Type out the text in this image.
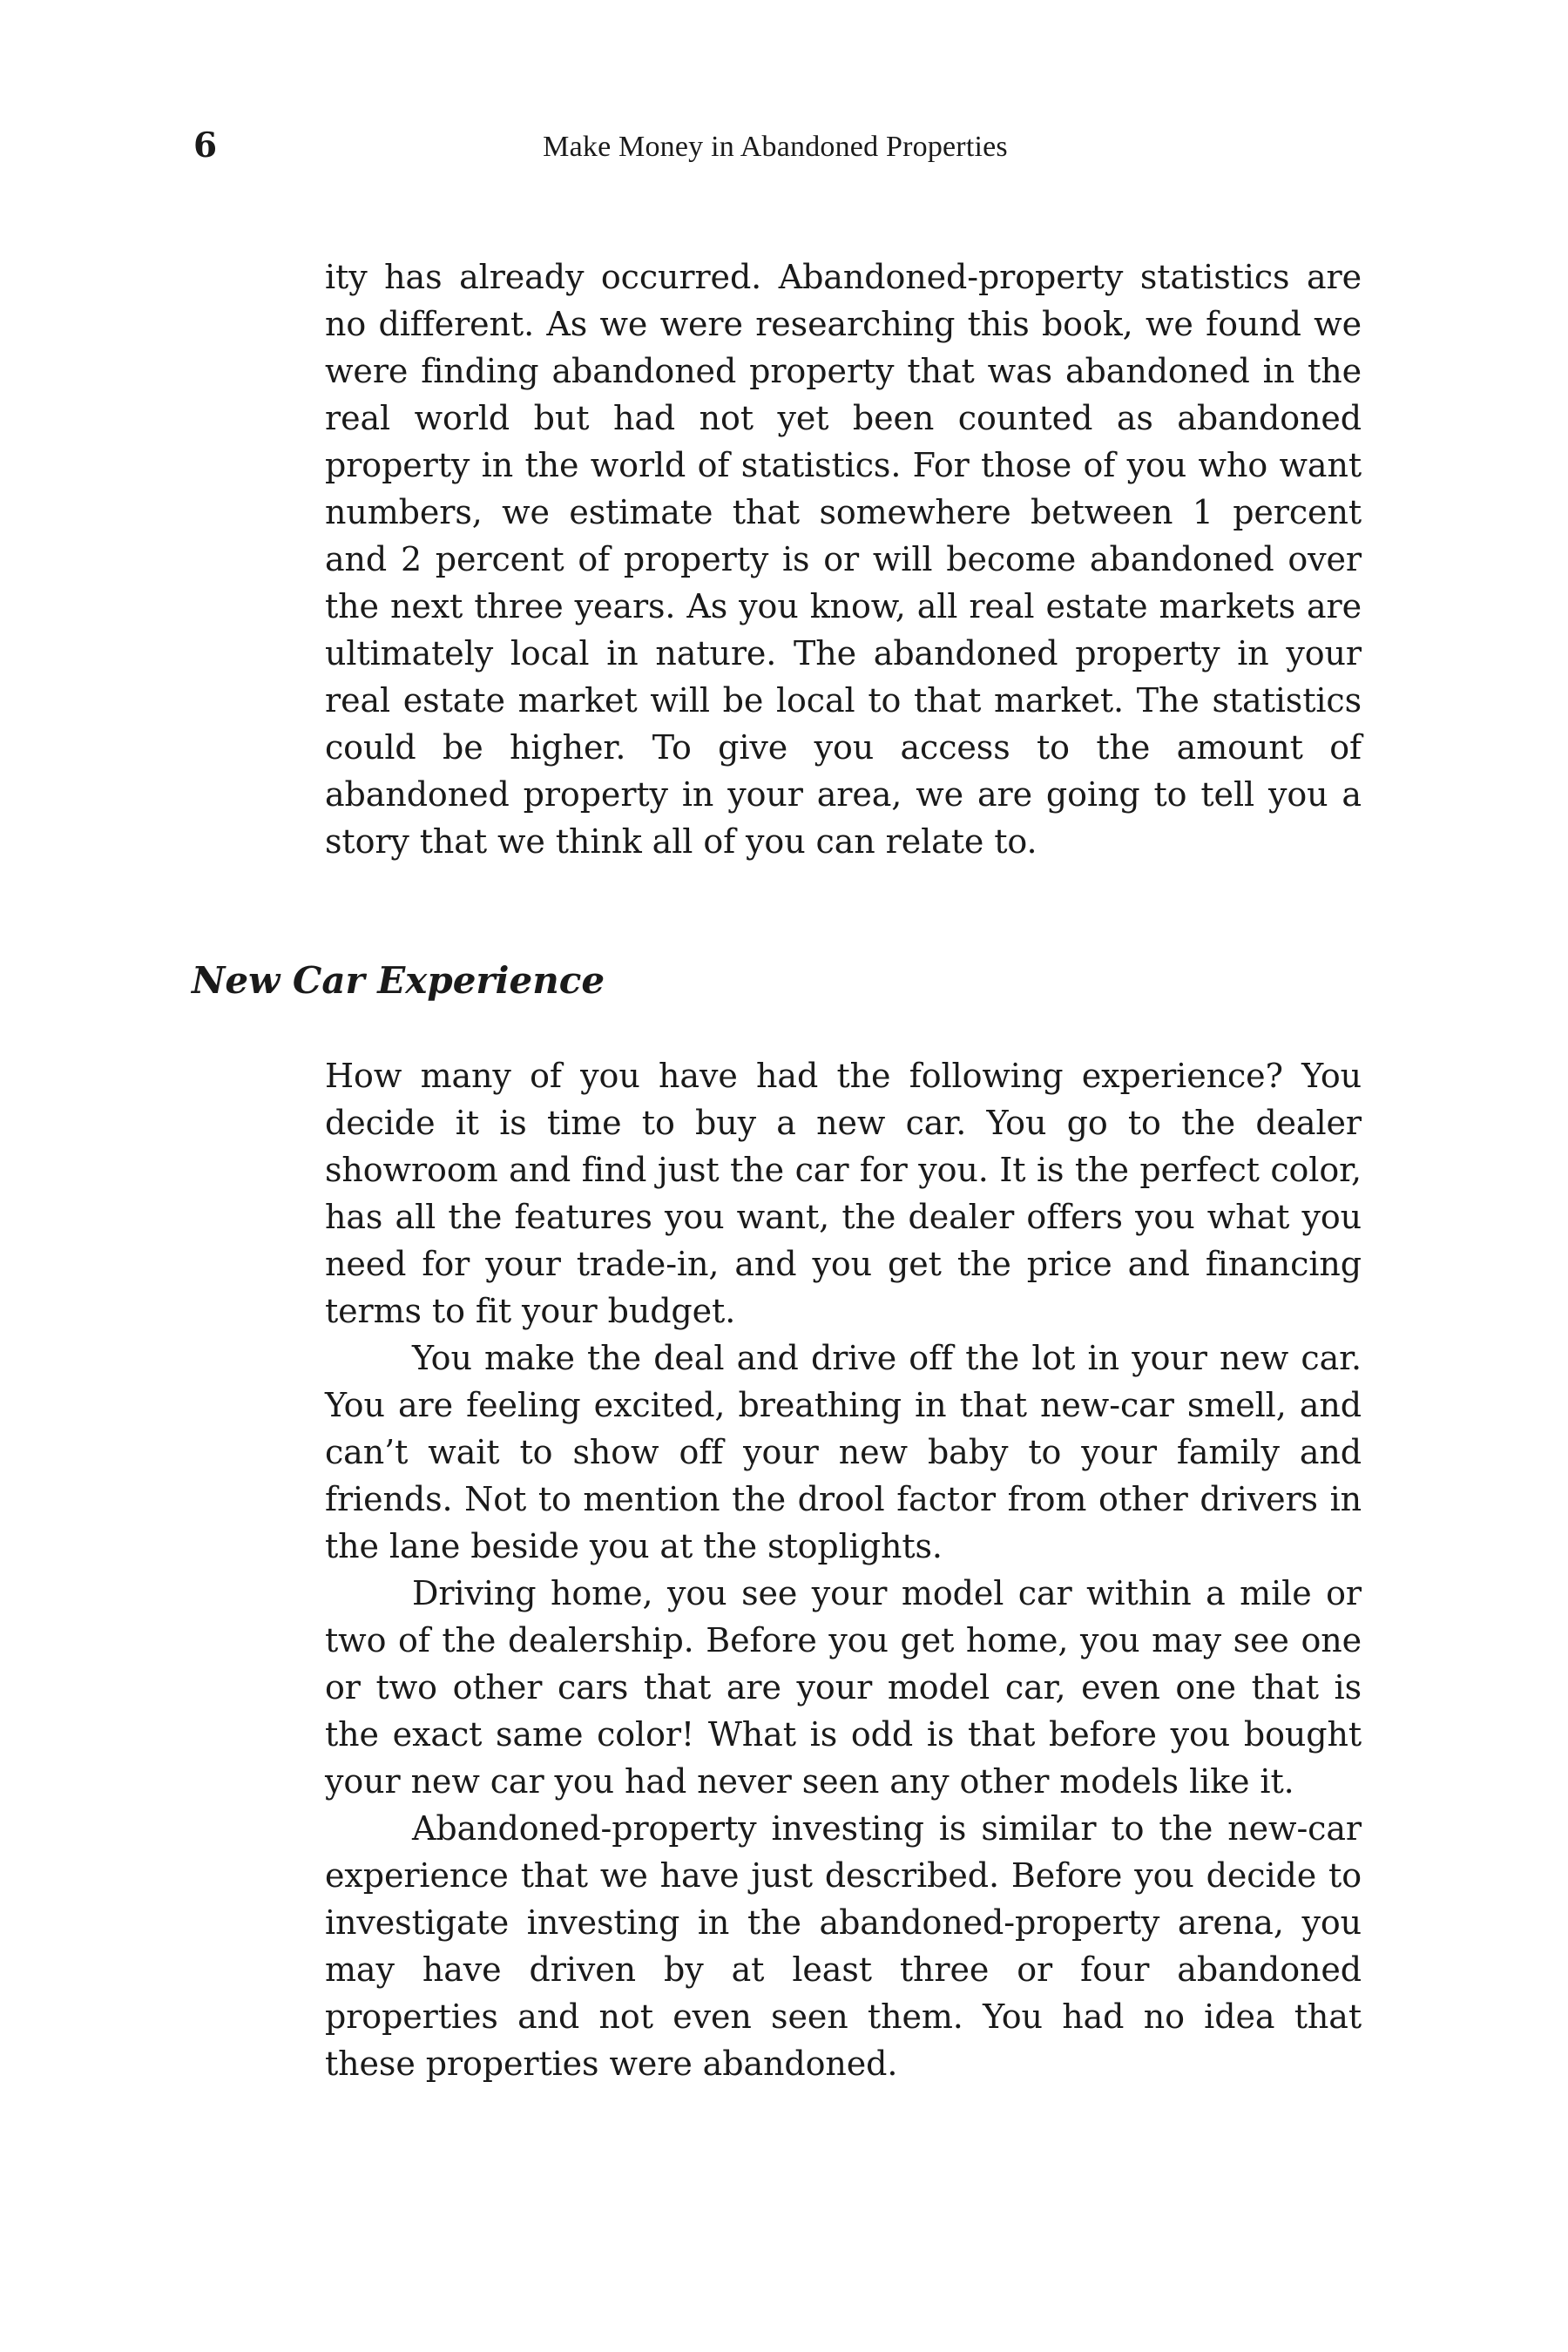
6	Make Money in Abandoned Properties

ity has already occurred. Abandoned-property statistics are no different. As we were researching this book, we found we were finding abandoned property that was abandoned in the real world but had not yet been counted as abandoned property in the world of statistics. For those of you who want numbers, we estimate that somewhere between 1 percent and 2 percent of property is or will become abandoned over the next three years. As you know, all real estate markets are ultimately local in nature. The abandoned property in your real estate market will be local to that market. The statistics could be higher. To give you access to the amount of abandoned property in your area, we are going to tell you a story that we think all of you can relate to.

New Car Experience

How many of you have had the following experience? You decide it is time to buy a new car. You go to the dealer showroom and find just the car for you. It is the perfect color, has all the features you want, the dealer offers you what you need for your trade-in, and you get the price and financing terms to fit your budget.

You make the deal and drive off the lot in your new car. You are feeling excited, breathing in that new-car smell, and can’t wait to show off your new baby to your family and friends. Not to mention the drool factor from other drivers in the lane beside you at the stoplights.

Driving home, you see your model car within a mile or two of the dealership. Before you get home, you may see one or two other cars that are your model car, even one that is the exact same color! What is odd is that before you bought your new car you had never seen any other models like it.

Abandoned-property investing is similar to the new-car experience that we have just described. Before you decide to investigate investing in the abandoned-property arena, you may have driven by at least three or four abandoned properties and not even seen them. You had no idea that these properties were abandoned.
